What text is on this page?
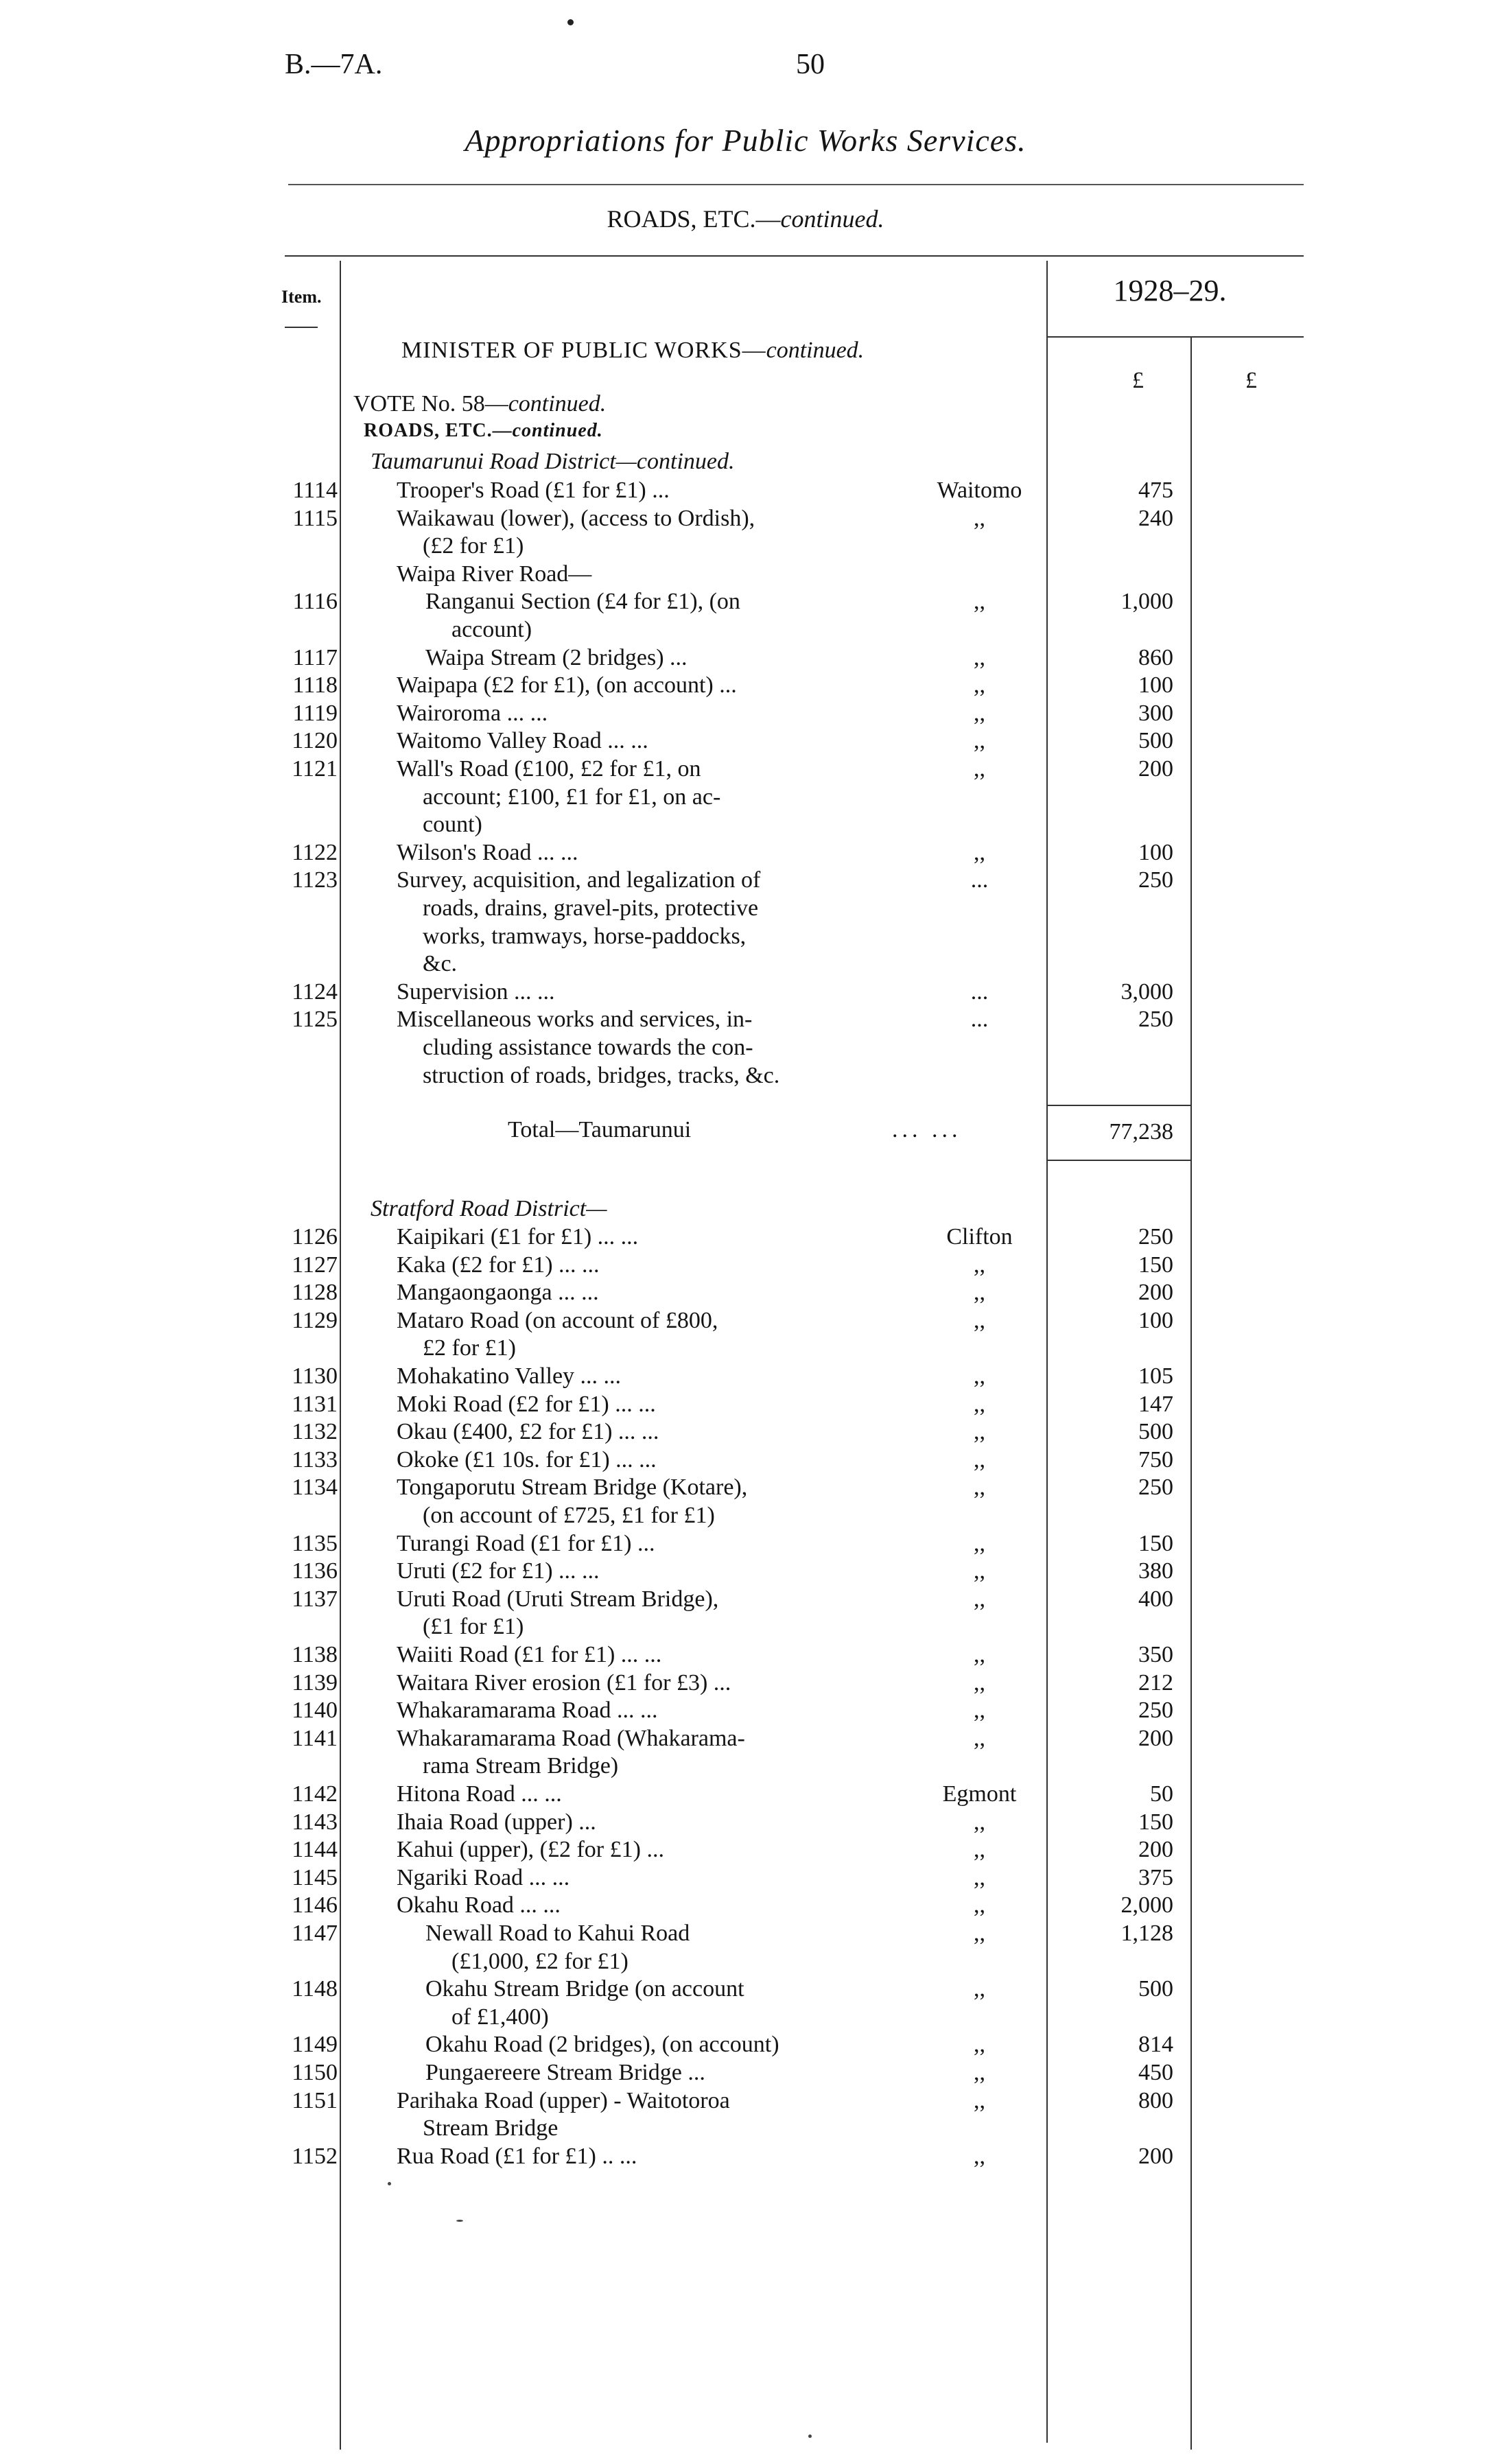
B.—7A.	50
Appropriations for Public Works Services.
ROADS, ETC.—continued.
Item.	1928–29.
£	£
MINISTER OF PUBLIC WORKS—continued.
VOTE No. 58—continued.
ROADS, ETC.—continued.
Taumarunui Road District—continued.
1114	Trooper's Road (£1 for £1) ...	Waitomo	475
1115	Waikawau (lower), (access to Ordish),
(£2 for £1)
,,	240
Waipa River Road—
1116	Ranganui Section (£4 for £1), (on
account)
,,	1,000
1117	Waipa Stream (2 bridges) ...	,,	860
1118	Waipapa (£2 for £1), (on account) ...	,,	100
1119	Wairoroma ... ...	,,	300
1120	Waitomo Valley Road ... ...	,,	500
1121	Wall's Road (£100, £2 for £1, on
account; £100, £1 for £1, on ac-
count)
,,	200
1122	Wilson's Road ... ...	,,	100
1123	Survey, acquisition, and legalization of
roads, drains, gravel-pits, protective
works, tramways, horse-paddocks,
&c.
...	250
1124	Supervision ... ...	...	3,000
1125	Miscellaneous works and services, in-
cluding assistance towards the con-
struction of roads, bridges, tracks, &c.
...	250
Total—Taumarunui	... ...	77,238
Stratford Road District—
1126	Kaipikari (£1 for £1) ... ...	Clifton	250
1127	Kaka (£2 for £1) ... ...	,,	150
1128	Mangaongaonga ... ...	,,	200
1129	Mataro Road (on account of £800,
£2 for £1)
,,	100
1130	Mohakatino Valley ... ...	,,	105
1131	Moki Road (£2 for £1) ... ...	,,	147
1132	Okau (£400, £2 for £1) ... ...	,,	500
1133	Okoke (£1 10s. for £1) ... ...	,,	750
1134	Tongaporutu Stream Bridge (Kotare),
(on account of £725, £1 for £1)
,,	250
1135	Turangi Road (£1 for £1) ...	,,	150
1136	Uruti (£2 for £1) ... ...	,,	380
1137	Uruti Road (Uruti Stream Bridge),
(£1 for £1)
,,	400
1138	Waiiti Road (£1 for £1) ... ...	,,	350
1139	Waitara River erosion (£1 for £3) ...	,,	212
1140	Whakaramarama Road ... ...	,,	250
1141	Whakaramarama Road (Whakarama-
rama Stream Bridge)
,,	200
1142	Hitona Road ... ...	Egmont	50
1143	Ihaia Road (upper) ...	,,	150
1144	Kahui (upper), (£2 for £1) ...	,,	200
1145	Ngariki Road ... ...	,,	375
1146	Okahu Road ... ...	,,	2,000
1147	Newall Road to Kahui Road
(£1,000, £2 for £1)
,,	1,128
1148	Okahu Stream Bridge (on account
of £1,400)
,,	500
1149	Okahu Road (2 bridges), (on account)	,,	814
1150	Pungaereere Stream Bridge ...	,,	450
1151	Parihaka Road (upper) - Waitotoroa
Stream Bridge
,,	800
1152	Rua Road (£1 for £1) .. ...	,,	200
